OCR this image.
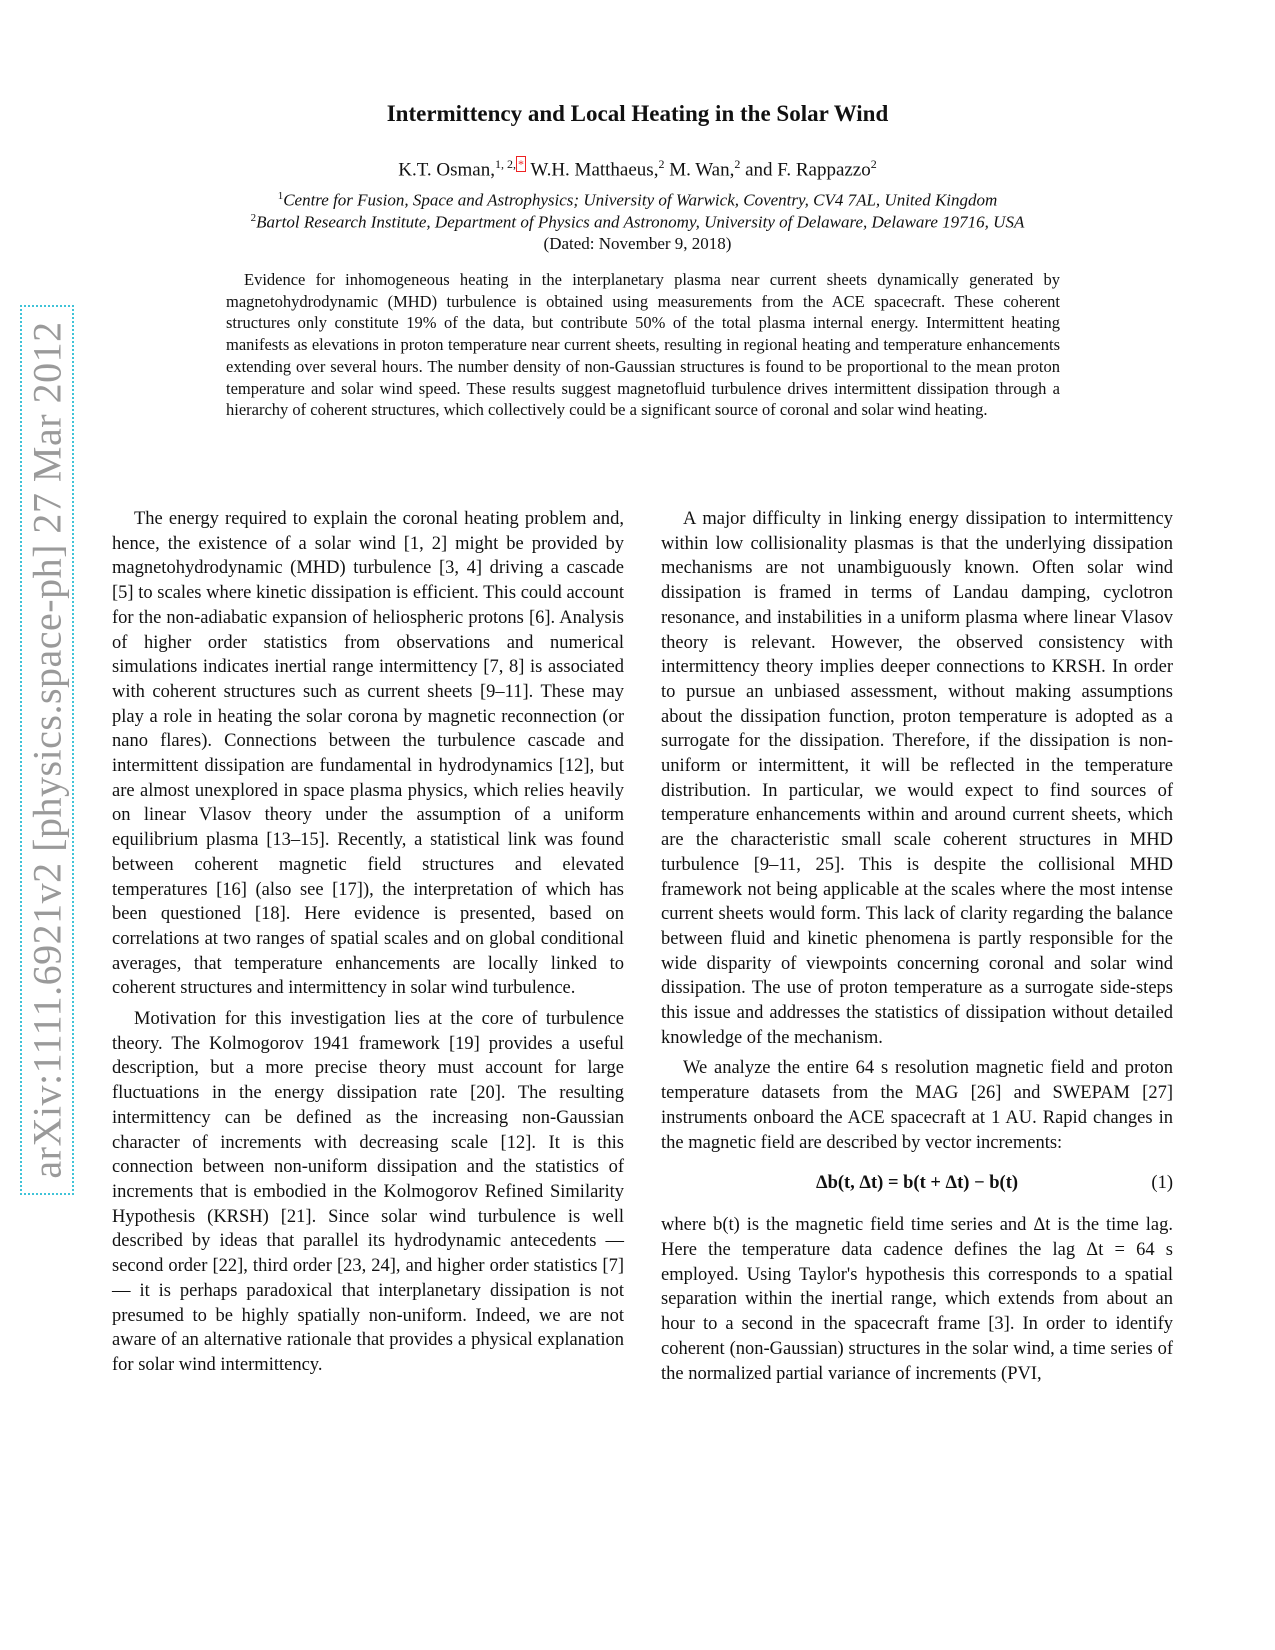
arXiv:1111.6921v2 [physics.space-ph] 27 Mar 2012
Intermittency and Local Heating in the Solar Wind
K.T. Osman,$^{1, 2,}$ * W.H. Matthaeus,$^2$ M. Wan,$^2$ and F. Rappazzo$^2$
$^1$Centre for Fusion, Space and Astrophysics; University of Warwick, Coventry, CV4 7AL, United Kingdom
$^2$Bartol Research Institute, Department of Physics and Astronomy, University of Delaware, Delaware 19716, USA
(Dated: November 9, 2018)

Evidence for inhomogeneous heating in the interplanetary plasma near current sheets dynamically generated by magnetohydrodynamic (MHD) turbulence is obtained using measurements from the ACE spacecraft. These coherent structures only constitute 19% of the data, but contribute 50% of the total plasma internal energy. Intermittent heating manifests as elevations in proton temperature near current sheets, resulting in regional heating and temperature enhancements extending over several hours. The number density of non-Gaussian structures is found to be proportional to the mean proton temperature and solar wind speed. These results suggest magnetofluid turbulence drives intermittent dissipation through a hierarchy of coherent structures, which collectively could be a significant source of coronal and solar wind heating.

The energy required to explain the coronal heating problem and, hence, the existence of a solar wind [1, 2] might be provided by magnetohydrodynamic (MHD) turbulence [3, 4] driving a cascade [5] to scales where kinetic dissipation is efficient. This could account for the non-adiabatic expansion of heliospheric protons [6]. Analysis of higher order statistics from observations and numerical simulations indicates inertial range intermittency [7, 8] is associated with coherent structures such as current sheets [9–11]. These may play a role in heating the solar corona by magnetic reconnection (or nano flares). Connections between the turbulence cascade and intermittent dissipation are fundamental in hydrodynamics [12], but are almost unexplored in space plasma physics, which relies heavily on linear Vlasov theory under the assumption of a uniform equilibrium plasma [13–15]. Recently, a statistical link was found between coherent magnetic field structures and elevated temperatures [16] (also see [17]), the interpretation of which has been questioned [18]. Here evidence is presented, based on correlations at two ranges of spatial scales and on global conditional averages, that temperature enhancements are locally linked to coherent structures and intermittency in solar wind turbulence.

Motivation for this investigation lies at the core of turbulence theory. The Kolmogorov 1941 framework [19] provides a useful description, but a more precise theory must account for large fluctuations in the energy dissipation rate [20]. The resulting intermittency can be defined as the increasing non-Gaussian character of increments with decreasing scale [12]. It is this connection between non-uniform dissipation and the statistics of increments that is embodied in the Kolmogorov Refined Similarity Hypothesis (KRSH) [21]. Since solar wind turbulence is well described by ideas that parallel its hydrodynamic antecedents — second order [22], third order [23, 24], and higher order statistics [7] — it is perhaps paradoxical that interplanetary dissipation is not presumed to be highly spatially non-uniform. Indeed, we are not aware of an alternative rationale that provides a physical explanation for solar wind intermittency.

A major difficulty in linking energy dissipation to intermittency within low collisionality plasmas is that the underlying dissipation mechanisms are not unambiguously known. Often solar wind dissipation is framed in terms of Landau damping, cyclotron resonance, and instabilities in a uniform plasma where linear Vlasov theory is relevant. However, the observed consistency with intermittency theory implies deeper connections to KRSH. In order to pursue an unbiased assessment, without making assumptions about the dissipation function, proton temperature is adopted as a surrogate for the dissipation. Therefore, if the dissipation is non-uniform or intermittent, it will be reflected in the temperature distribution. In particular, we would expect to find sources of temperature enhancements within and around current sheets, which are the characteristic small scale coherent structures in MHD turbulence [9–11, 25]. This is despite the collisional MHD framework not being applicable at the scales where the most intense current sheets would form. This lack of clarity regarding the balance between fluid and kinetic phenomena is partly responsible for the wide disparity of viewpoints concerning coronal and solar wind dissipation. The use of proton temperature as a surrogate side-steps this issue and addresses the statistics of dissipation without detailed knowledge of the mechanism.

We analyze the entire 64 s resolution magnetic field and proton temperature datasets from the MAG [26] and SWEPAM [27] instruments onboard the ACE spacecraft at 1 AU. Rapid changes in the magnetic field are described by vector increments:

Δb(t, Δt) = b(t + Δt) − b(t)	(1)

where b(t) is the magnetic field time series and Δt is the time lag. Here the temperature data cadence defines the lag Δt = 64 s employed. Using Taylor's hypothesis this corresponds to a spatial separation within the inertial range, which extends from about an hour to a second in the spacecraft frame [3]. In order to identify coherent (non-Gaussian) structures in the solar wind, a time series of the normalized partial variance of increments (PVI,
